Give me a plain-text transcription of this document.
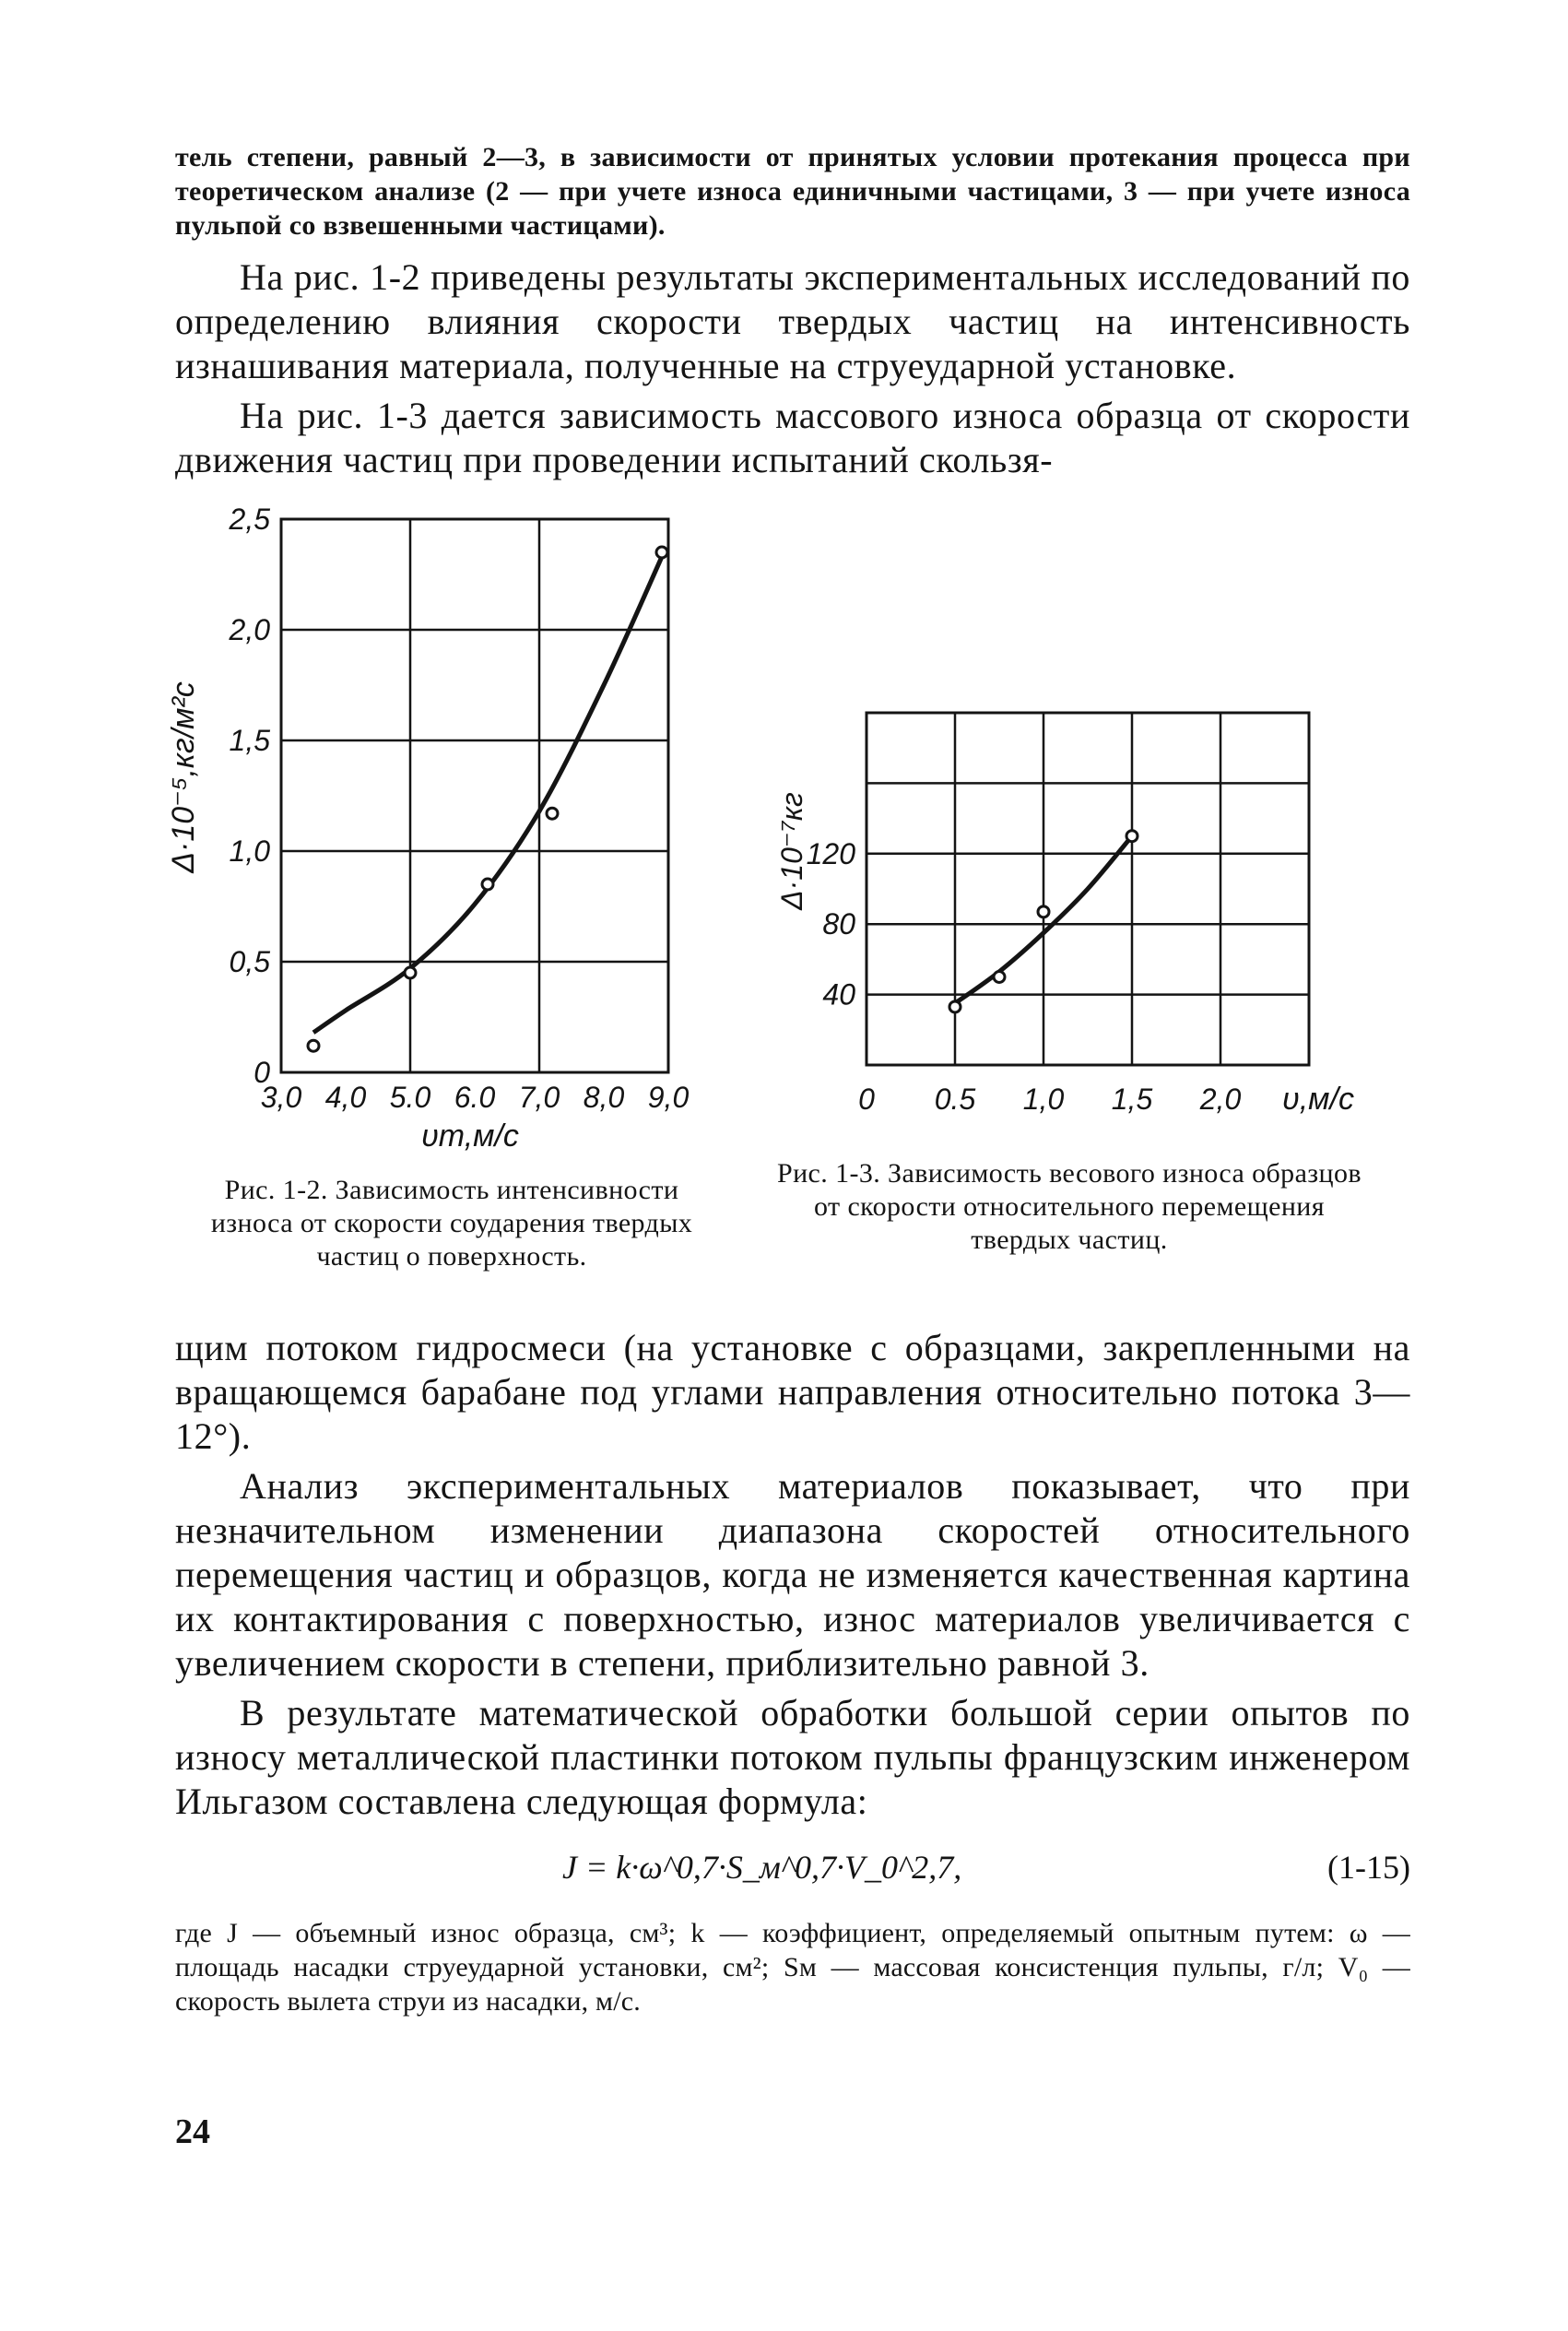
тель степени, равный 2—3, в зависимости от принятых условии протекания процесса при теоретическом анализе (2 — при учете износа единичными частицами, 3 — при учете износа пульпой со взвешенными частицами).

На рис. 1-2 приведены результаты экспериментальных исследований по определению влияния скорости твердых частиц на интенсивность изнашивания материала, полученные на струеударной установке.

На рис. 1-3 дается зависимость массового износа образца от скорости движения частиц при проведении испытаний скользя-

3,0 4,0 5.0 6.0 7,0 8,0 9,0
0
0,5
1,0
1,5
2,0
2,5
Δ·10⁻⁵,кг/м²с
υт,м/с

Рис. 1-2. Зависимость интенсивности износа от скорости соударения твердых частиц о поверхность.

0 0.5 1,0 1,5 2,0
40
80
120
Δ·10⁻⁷кг
υ,м/с

Рис. 1-3. Зависимость весового износа образцов от скорости относительного перемещения твердых частиц.

щим потоком гидросмеси (на установке с образцами, закрепленными на вращающемся барабане под углами направления относительно потока 3—12°).

Анализ экспериментальных материалов показывает, что при незначительном изменении диапазона скоростей относительного перемещения частиц и образцов, когда не изменяется качественная картина их контактирования с поверхностью, износ материалов увеличивается с увеличением скорости в степени, приблизительно равной 3.

В результате математической обработки большой серии опытов по износу металлической пластинки потоком пульпы французским инженером Ильгазом составлена следующая формула:

J = k·ω^0,7·S_м^0,7·V_0^2,7,	(1-15)

где J — объемный износ образца, см³; k — коэффициент, определяемый опытным путем: ω — площадь насадки струеударной установки, см²; Sм — массовая консистенция пульпы, г/л; V₀ — скорость вылета струи из насадки, м/с.

24
